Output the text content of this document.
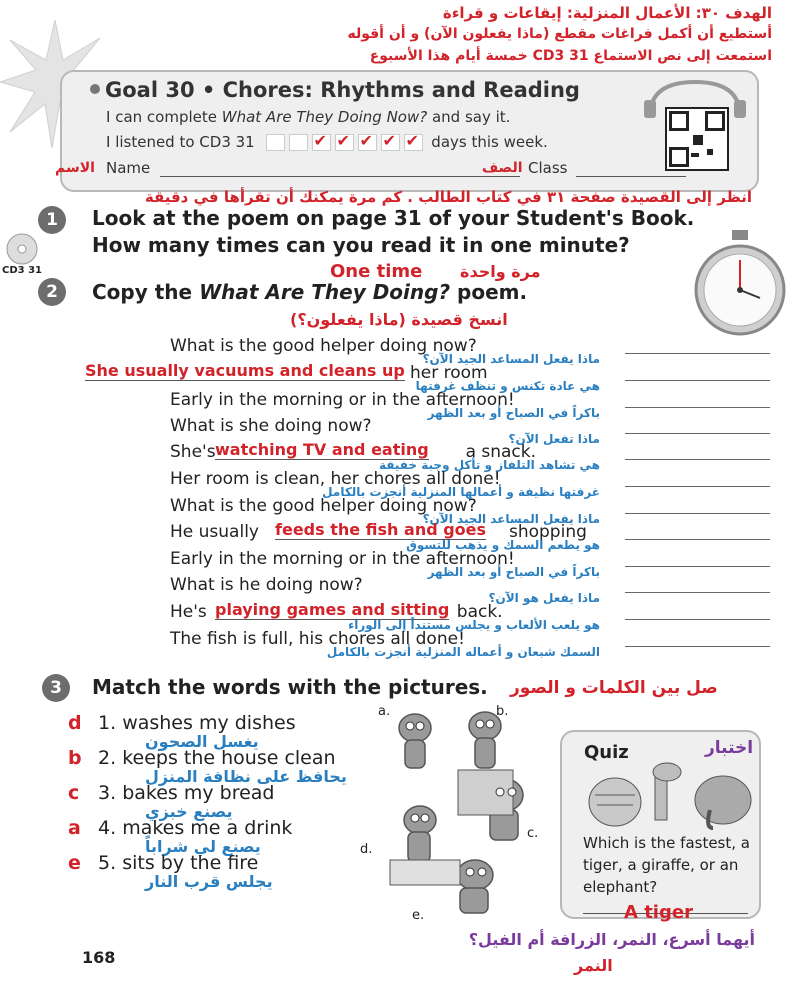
الهدف ٣٠: الأعمال المنزلية: إيقاعات و قراءة
أستطيع أن أكمل فراغات مقطع (ماذا يفعلون الآن) و أن أقوله
استمعت إلى نص الاستماع CD3 31 خمسة أيام هذا الأسبوع
Goal 30 • Chores: Rhythms and Reading
I can complete What Are They Doing Now? and say it.
I listened to CD3 31 ✔ ✔ ✔ ✔ ✔	days this week.
Name
الاسم	الصف Class
CD3 31
انظر إلى القصيدة صفحة ٣١ في كتاب الطالب . كم مرة يمكنك أن تقرأها في دقيقة
1	Look at the poem on page 31 of your Student's Book.
How many times can you read it in one minute?
One time مرة واحدة
2	Copy the What Are They Doing? poem.
انسخ قصيدة (ماذا يفعلون؟)
What is the good helper doing now?
ماذا يفعل المساعد الجيد الآن؟
her room
She usually vacuums and cleans up
هي عادة تكنس و تنظف غرفتها
Early in the morning or in the afternoon!
باكراً في الصباح أو بعد الظهر
What is she doing now?
ماذا تفعل الآن؟
She's	a snack.
watching TV and eating
هي تشاهد التلفاز و تأكل وجبة خفيفة
Her room is clean, her chores all done!
غرفتها نظيفة و أعمالها المنزلية أنجزت بالكامل
What is the good helper doing now?
ماذا يفعل المساعد الجيد الآن؟
He usually	shopping
feeds the fish and goes
هو يطعم السمك و يذهب للتسوق
Early in the morning or in the afternoon!
باكراً في الصباح أو بعد الظهر
What is he doing now?
ماذا يفعل هو الآن؟
He's	back.
playing games and sitting
هو يلعب الألعاب و يجلس مستنداً إلى الوراء
The fish is full, his chores all done!
السمك شبعان و أعماله المنزلية أنجزت بالكامل
3	Match the words with the pictures. صل بين الكلمات و الصور
d 1. washes my dishes
يغسل الصحون
b 2. keeps the house clean
يحافظ على نظافة المنزل
c 3. bakes my bread
يصنع خبزي
a 4. makes me a drink
يصنع لي شراباً
e 5. sits by the fire
يجلس قرب النار
a.	b.
c.
d.
e.
Quiz	اختبار
Which is the fastest, a tiger, a giraffe, or an elephant?
A tiger
أيهما أسرع، النمر، الزرافة أم الفيل؟
النمر
168
